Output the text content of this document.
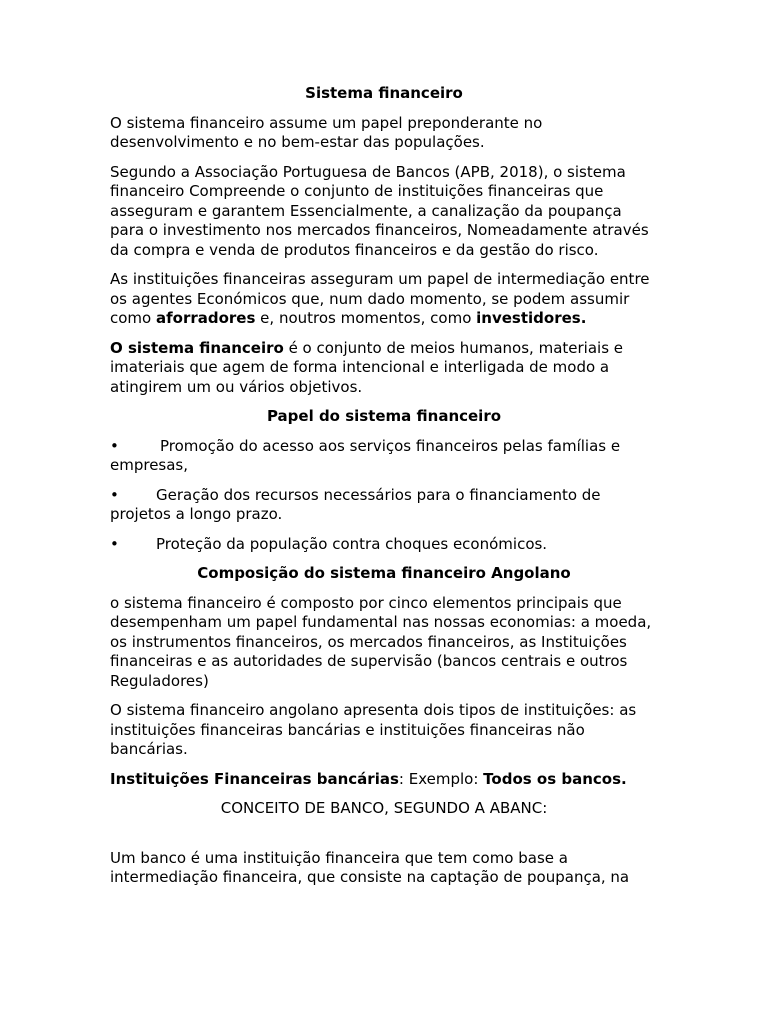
Sistema financeiro

O sistema financeiro assume um papel preponderante no desenvolvimento e no bem-estar das populações.

Segundo a Associação Portuguesa de Bancos (APB, 2018), o sistema financeiro Compreende o conjunto de instituições financeiras que asseguram e garantem Essencialmente, a canalização da poupança para o investimento nos mercados financeiros, Nomeadamente através da compra e venda de produtos financeiros e da gestão do risco.

As instituições financeiras asseguram um papel de intermediação entre os agentes Económicos que, num dado momento, se podem assumir como aforradores e, noutros momentos, como investidores.

O sistema financeiro é o conjunto de meios humanos, materiais e imateriais que agem de forma intencional e interligada de modo a atingirem um ou vários objetivos.

Papel do sistema financeiro

•	Promoção do acesso aos serviços financeiros pelas famílias e empresas,

• Geração dos recursos necessários para o financiamento de projetos a longo prazo.

• Proteção da população contra choques económicos.

Composição do sistema financeiro Angolano

o sistema financeiro é composto por cinco elementos principais que desempenham um papel fundamental nas nossas economias: a moeda, os instrumentos financeiros, os mercados financeiros, as Instituições financeiras e as autoridades de supervisão (bancos centrais e outros Reguladores)

O sistema financeiro angolano apresenta dois tipos de instituições: as instituições financeiras bancárias e instituições financeiras não bancárias.

Instituições Financeiras bancárias: Exemplo: Todos os bancos.

CONCEITO DE BANCO, SEGUNDO A ABANC:

Um banco é uma instituição financeira que tem como base a intermediação financeira, que consiste na captação de poupança, na
